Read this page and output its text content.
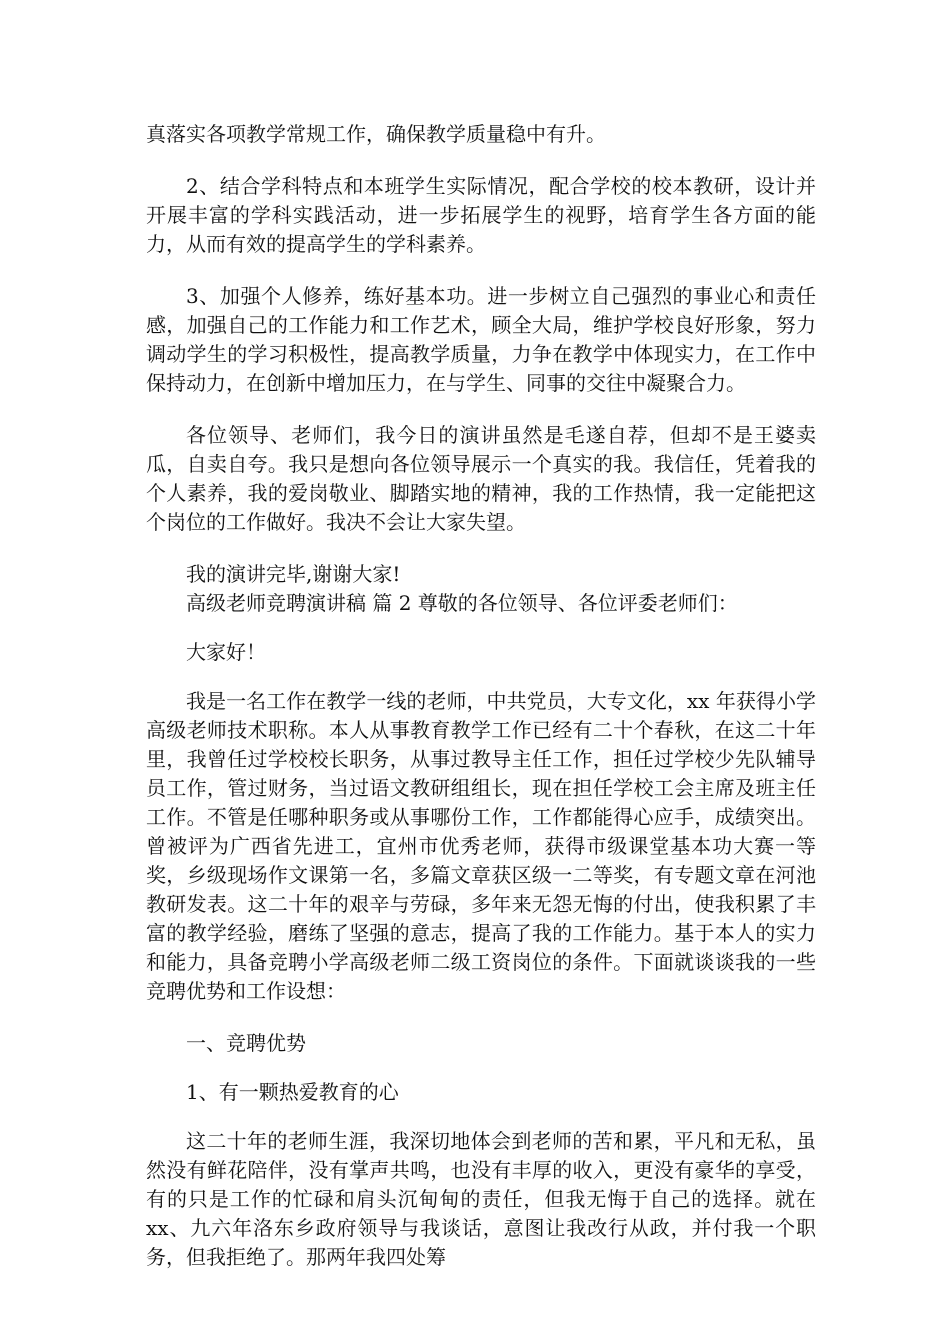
真落实各项教学常规工作，确保教学质量稳中有升。

2、结合学科特点和本班学生实际情况，配合学校的校本教研，设计并开展丰富的学科实践活动，进一步拓展学生的视野，培育学生各方面的能力，从而有效的提高学生的学科素养。

3、加强个人修养，练好基本功。进一步树立自己强烈的事业心和责任感，加强自己的工作能力和工作艺术，顾全大局，维护学校良好形象，努力调动学生的学习积极性，提高教学质量，力争在教学中体现实力，在工作中保持动力，在创新中增加压力，在与学生、同事的交往中凝聚合力。

各位领导、老师们，我今日的演讲虽然是毛遂自荐，但却不是王婆卖瓜，自卖自夸。我只是想向各位领导展示一个真实的我。我信任，凭着我的个人素养，我的爱岗敬业、脚踏实地的精神，我的工作热情，我一定能把这个岗位的工作做好。我决不会让大家失望。

我的演讲完毕,谢谢大家!

高级老师竞聘演讲稿 篇 2 尊敬的各位领导、各位评委老师们：

大家好！

我是一名工作在教学一线的老师，中共党员，大专文化，xx 年获得小学高级老师技术职称。本人从事教育教学工作已经有二十个春秋，在这二十年里，我曾任过学校校长职务，从事过教导主任工作，担任过学校少先队辅导员工作，管过财务，当过语文教研组组长，现在担任学校工会主席及班主任工作。不管是任哪种职务或从事哪份工作，工作都能得心应手，成绩突出。曾被评为广西省先进工，宜州市优秀老师，获得市级课堂基本功大赛一等奖，乡级现场作文课第一名，多篇文章获区级一二等奖，有专题文章在河池教研发表。这二十年的艰辛与劳碌，多年来无怨无悔的付出，使我积累了丰富的教学经验，磨练了坚强的意志，提高了我的工作能力。基于本人的实力和能力，具备竞聘小学高级老师二级工资岗位的条件。下面就谈谈我的一些竞聘优势和工作设想：

一、竞聘优势

1、有一颗热爱教育的心

这二十年的老师生涯，我深切地体会到老师的苦和累，平凡和无私，虽然没有鲜花陪伴，没有掌声共鸣，也没有丰厚的收入，更没有豪华的享受，有的只是工作的忙碌和肩头沉甸甸的责任，但我无悔于自己的选择。就在 xx、九六年洛东乡政府领导与我谈话，意图让我改行从政，并付我一个职务，但我拒绝了。那两年我四处筹
